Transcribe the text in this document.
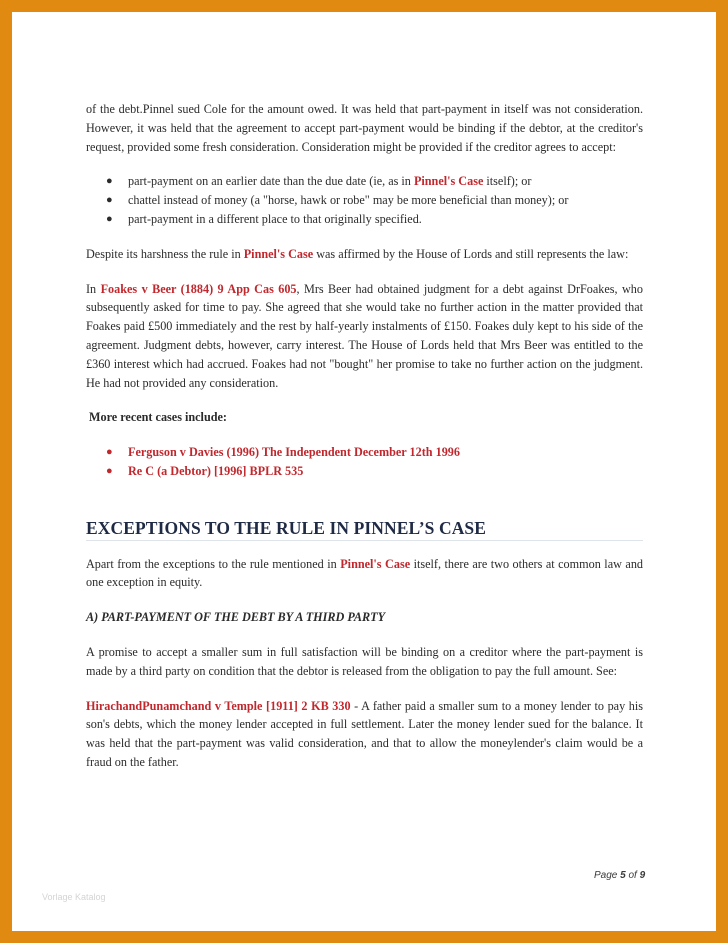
of the debt.Pinnel sued Cole for the amount owed. It was held that part-payment in itself was not consideration. However, it was held that the agreement to accept part-payment would be binding if the debtor, at the creditor's request, provided some fresh consideration. Consideration might be provided if the creditor agrees to accept:

● part-payment on an earlier date than the due date (ie, as in Pinnel's Case itself); or
● chattel instead of money (a "horse, hawk or robe" may be more beneficial than money); or
● part-payment in a different place to that originally specified.

Despite its harshness the rule in Pinnel's Case was affirmed by the House of Lords and still represents the law:

In Foakes v Beer (1884) 9 App Cas 605, Mrs Beer had obtained judgment for a debt against DrFoakes, who subsequently asked for time to pay. She agreed that she would take no further action in the matter provided that Foakes paid £500 immediately and the rest by half-yearly instalments of £150. Foakes duly kept to his side of the agreement. Judgment debts, however, carry interest. The House of Lords held that Mrs Beer was entitled to the £360 interest which had accrued. Foakes had not "bought" her promise to take no further action on the judgment. He had not provided any consideration.

More recent cases include:

● Ferguson v Davies (1996) The Independent December 12th 1996
● Re C (a Debtor) [1996] BPLR 535
EXCEPTIONS TO THE RULE IN PINNEL’S CASE

Apart from the exceptions to the rule mentioned in Pinnel's Case itself, there are two others at common law and one exception in equity.

A) PART-PAYMENT OF THE DEBT BY A THIRD PARTY

A promise to accept a smaller sum in full satisfaction will be binding on a creditor where the part-payment is made by a third party on condition that the debtor is released from the obligation to pay the full amount. See:

HirachandPunamchand v Temple [1911] 2 KB 330 - A father paid a smaller sum to a money lender to pay his son's debts, which the money lender accepted in full settlement. Later the money lender sued for the balance. It was held that the part-payment was valid consideration, and that to allow the moneylender's claim would be a fraud on the father.

Page 5 of 9
Vorlage Katalog
